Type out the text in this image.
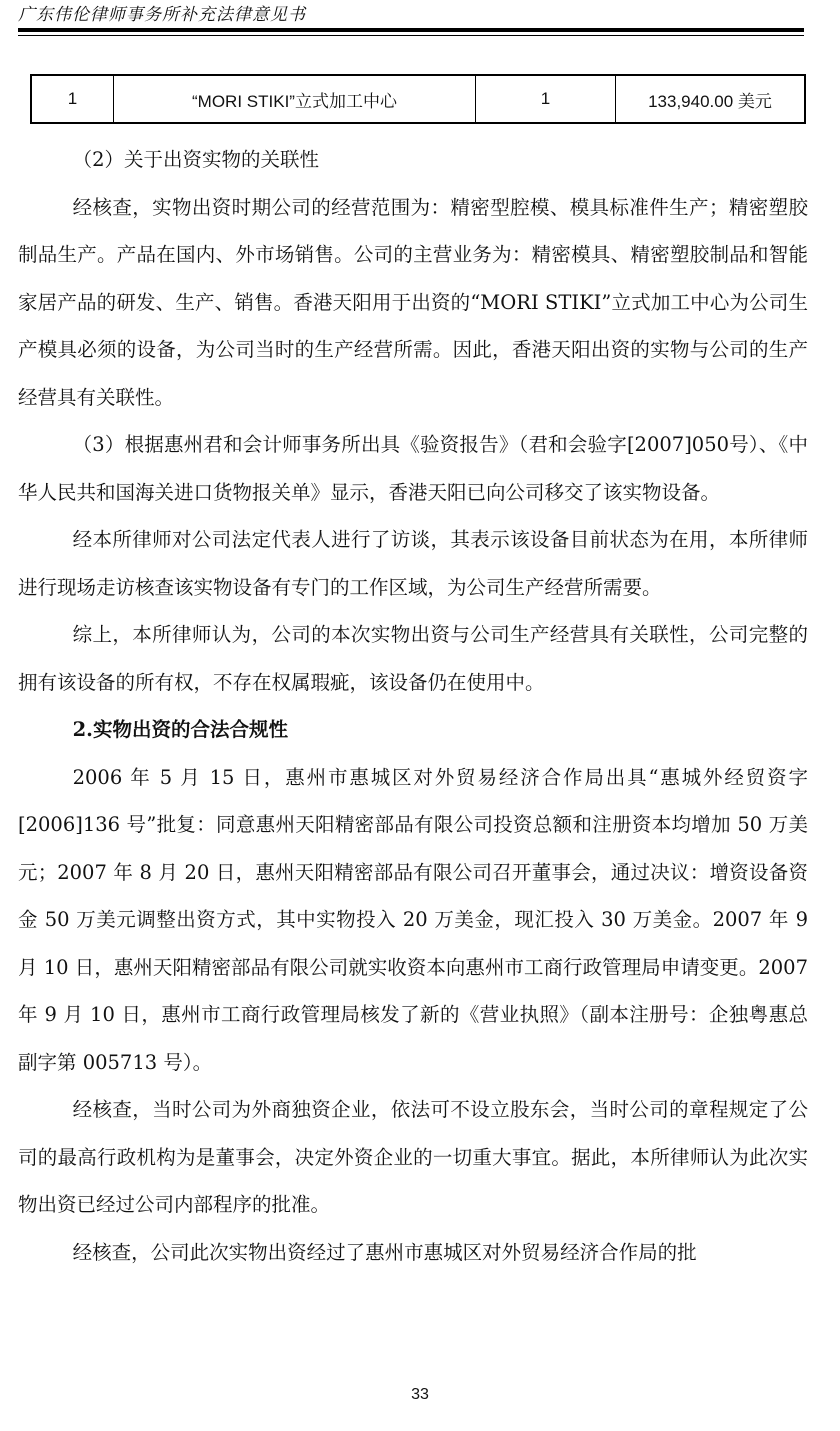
广东伟伦律师事务所补充法律意见书
1	“MORI STIKI”立式加工中心	1	133,940.00 美元

（2）关于出资实物的关联性

经核查，实物出资时期公司的经营范围为：精密型腔模、模具标准件生产；精密塑胶制品生产。产品在国内、外市场销售。公司的主营业务为：精密模具、精密塑胶制品和智能家居产品的研发、生产、销售。香港天阳用于出资的“MORI STIKI”立式加工中心为公司生产模具必须的设备，为公司当时的生产经营所需。因此，香港天阳出资的实物与公司的生产经营具有关联性。

（3）根据惠州君和会计师事务所出具《验资报告》（君和会验字[2007]050号）、《中华人民共和国海关进口货物报关单》显示，香港天阳已向公司移交了该实物设备。

经本所律师对公司法定代表人进行了访谈，其表示该设备目前状态为在用，本所律师进行现场走访核查该实物设备有专门的工作区域，为公司生产经营所需要。

综上，本所律师认为，公司的本次实物出资与公司生产经营具有关联性，公司完整的拥有该设备的所有权，不存在权属瑕疵，该设备仍在使用中。

2.实物出资的合法合规性

2006 年 5 月 15 日，惠州市惠城区对外贸易经济合作局出具“惠城外经贸资字[2006]136 号”批复：同意惠州天阳精密部品有限公司投资总额和注册资本均增加 50 万美元；2007 年 8 月 20 日，惠州天阳精密部品有限公司召开董事会，通过决议：增资设备资金 50 万美元调整出资方式，其中实物投入 20 万美金，现汇投入 30 万美金。2007 年 9 月 10 日，惠州天阳精密部品有限公司就实收资本向惠州市工商行政管理局申请变更。2007 年 9 月 10 日，惠州市工商行政管理局核发了新的《营业执照》（副本注册号：企独粤惠总副字第 005713 号）。

经核查，当时公司为外商独资企业，依法可不设立股东会，当时公司的章程规定了公司的最高行政机构为是董事会，决定外资企业的一切重大事宜。据此，本所律师认为此次实物出资已经过公司内部程序的批准。

经核查，公司此次实物出资经过了惠州市惠城区对外贸易经济合作局的批

33
